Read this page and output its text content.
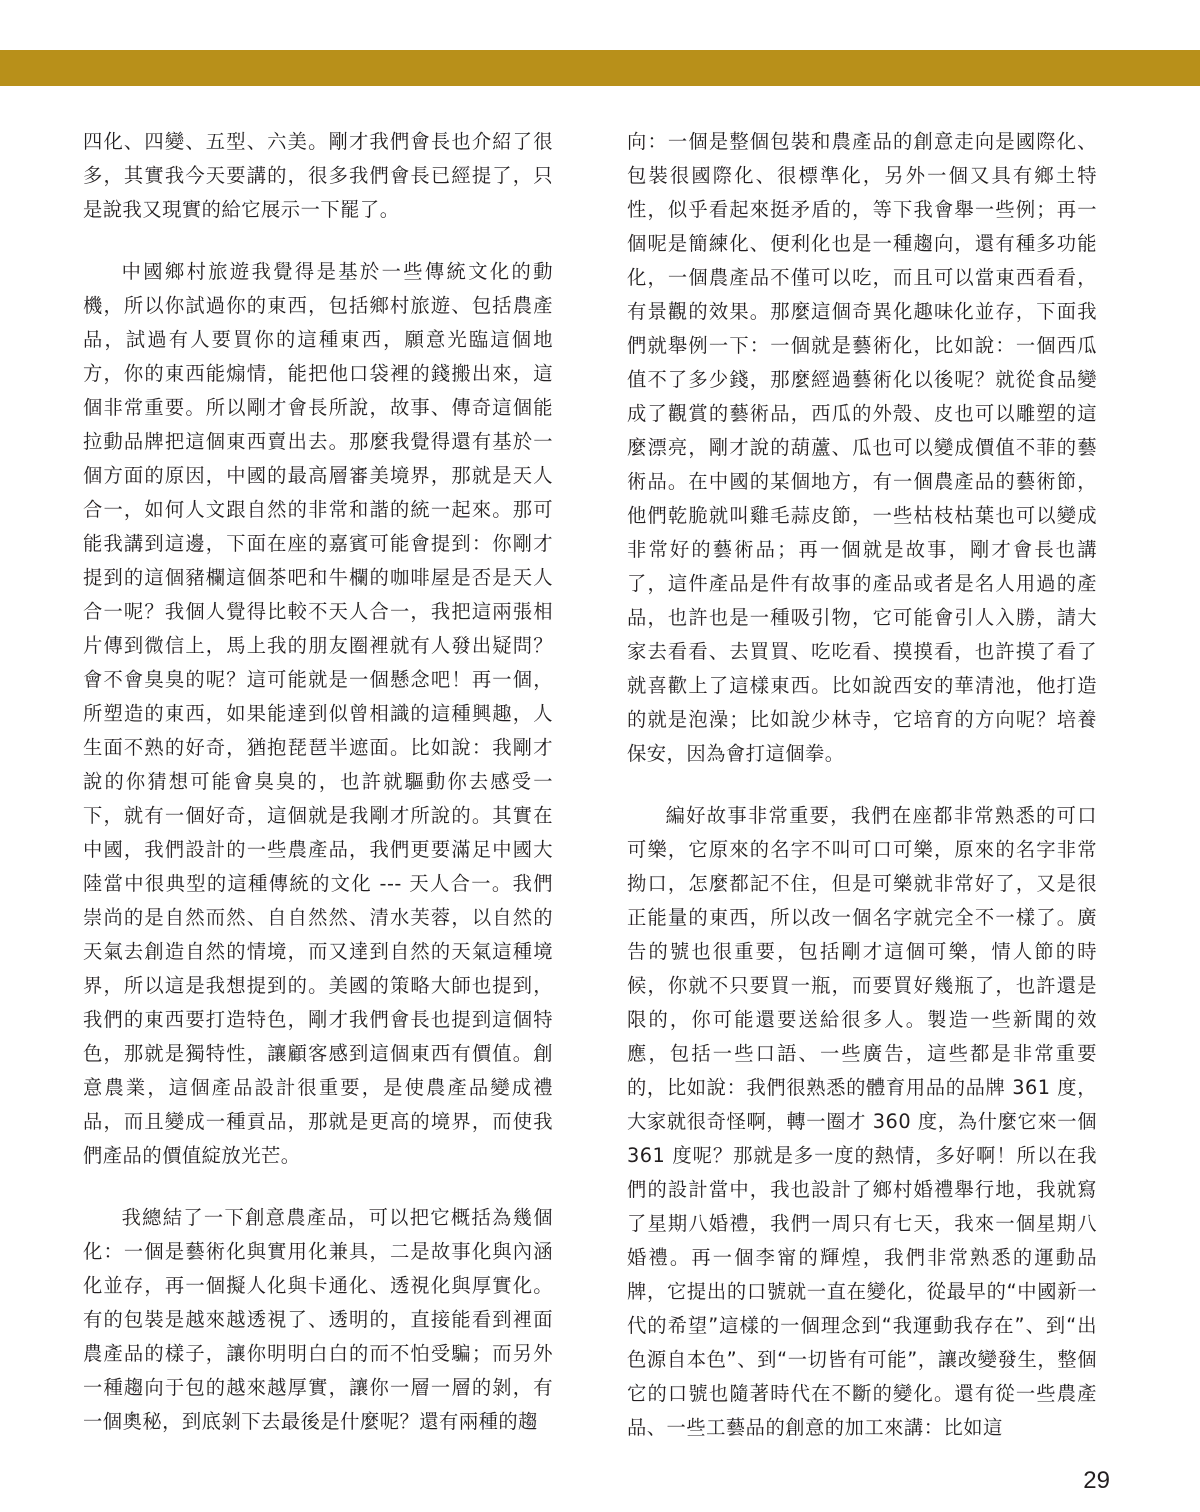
四化、四變、五型、六美。剛才我們會長也介紹了很多，其實我今天要講的，很多我們會長已經提了，只是說我又現實的給它展示一下罷了。

中國鄉村旅遊我覺得是基於一些傳統文化的動機，所以你試過你的東西，包括鄉村旅遊、包括農產品，試過有人要買你的這種東西，願意光臨這個地方，你的東西能煽情，能把他口袋裡的錢搬出來，這個非常重要。所以剛才會長所說，故事、傳奇這個能拉動品牌把這個東西賣出去。那麼我覺得還有基於一個方面的原因，中國的最高層審美境界，那就是天人合一，如何人文跟自然的非常和諧的統一起來。那可能我講到這邊，下面在座的嘉賓可能會提到：你剛才提到的這個豬欄這個茶吧和牛欄的咖啡屋是否是天人合一呢？我個人覺得比較不天人合一，我把這兩張相片傳到微信上，馬上我的朋友圈裡就有人發出疑問？會不會臭臭的呢？這可能就是一個懸念吧！再一個，所塑造的東西，如果能達到似曾相識的這種興趣，人生面不熟的好奇，猶抱琵琶半遮面。比如說：我剛才說的你猜想可能會臭臭的，也許就驅動你去感受一下，就有一個好奇，這個就是我剛才所說的。其實在中國，我們設計的一些農產品，我們更要滿足中國大陸當中很典型的這種傳統的文化 --- 天人合一。我們崇尚的是自然而然、自自然然、清水芙蓉，以自然的天氣去創造自然的情境，而又達到自然的天氣這種境界，所以這是我想提到的。美國的策略大師也提到，我們的東西要打造特色，剛才我們會長也提到這個特色，那就是獨特性，讓顧客感到這個東西有價值。創意農業，這個產品設計很重要，是使農產品變成禮品，而且變成一種貢品，那就是更高的境界，而使我們產品的價值綻放光芒。

我總結了一下創意農產品，可以把它概括為幾個化：一個是藝術化與實用化兼具，二是故事化與內涵化並存，再一個擬人化與卡通化、透視化與厚實化。有的包裝是越來越透視了、透明的，直接能看到裡面農產品的樣子，讓你明明白白的而不怕受騙；而另外一種趨向于包的越來越厚實，讓你一層一層的剝，有一個奧秘，到底剝下去最後是什麼呢？還有兩種的趨

向：一個是整個包裝和農產品的創意走向是國際化、包裝很國際化、很標準化，另外一個又具有鄉土特性，似乎看起來挺矛盾的，等下我會舉一些例；再一個呢是簡練化、便利化也是一種趨向，還有種多功能化，一個農產品不僅可以吃，而且可以當東西看看，有景觀的效果。那麼這個奇異化趣味化並存，下面我們就舉例一下：一個就是藝術化，比如說：一個西瓜值不了多少錢，那麼經過藝術化以後呢？就從食品變成了觀賞的藝術品，西瓜的外殼、皮也可以雕塑的這麼漂亮，剛才說的葫蘆、瓜也可以變成價值不菲的藝術品。在中國的某個地方，有一個農產品的藝術節，他們乾脆就叫雞毛蒜皮節，一些枯枝枯葉也可以變成非常好的藝術品；再一個就是故事，剛才會長也講了，這件產品是件有故事的產品或者是名人用過的產品，也許也是一種吸引物，它可能會引人入勝，請大家去看看、去買買、吃吃看、摸摸看，也許摸了看了就喜歡上了這樣東西。比如說西安的華清池，他打造的就是泡澡；比如說少林寺，它培育的方向呢？培養保安，因為會打這個拳。

編好故事非常重要，我們在座都非常熟悉的可口可樂，它原來的名字不叫可口可樂，原來的名字非常拗口，怎麼都記不住，但是可樂就非常好了，又是很正能量的東西，所以改一個名字就完全不一樣了。廣告的號也很重要，包括剛才這個可樂，情人節的時候，你就不只要買一瓶，而要買好幾瓶了，也許還是限的，你可能還要送給很多人。製造一些新聞的效應，包括一些口語、一些廣告，這些都是非常重要的，比如說：我們很熟悉的體育用品的品牌 361 度，大家就很奇怪啊，轉一圈才 360 度，為什麼它來一個 361 度呢？那就是多一度的熱情，多好啊！所以在我們的設計當中，我也設計了鄉村婚禮舉行地，我就寫了星期八婚禮，我們一周只有七天，我來一個星期八婚禮。再一個李甯的輝煌，我們非常熟悉的運動品牌，它提出的口號就一直在變化，從最早的“中國新一代的希望”這樣的一個理念到“我運動我存在”、到“出色源自本色”、到“一切皆有可能”，讓改變發生，整個它的口號也隨著時代在不斷的變化。還有從一些農產品、一些工藝品的創意的加工來講：比如這

29
